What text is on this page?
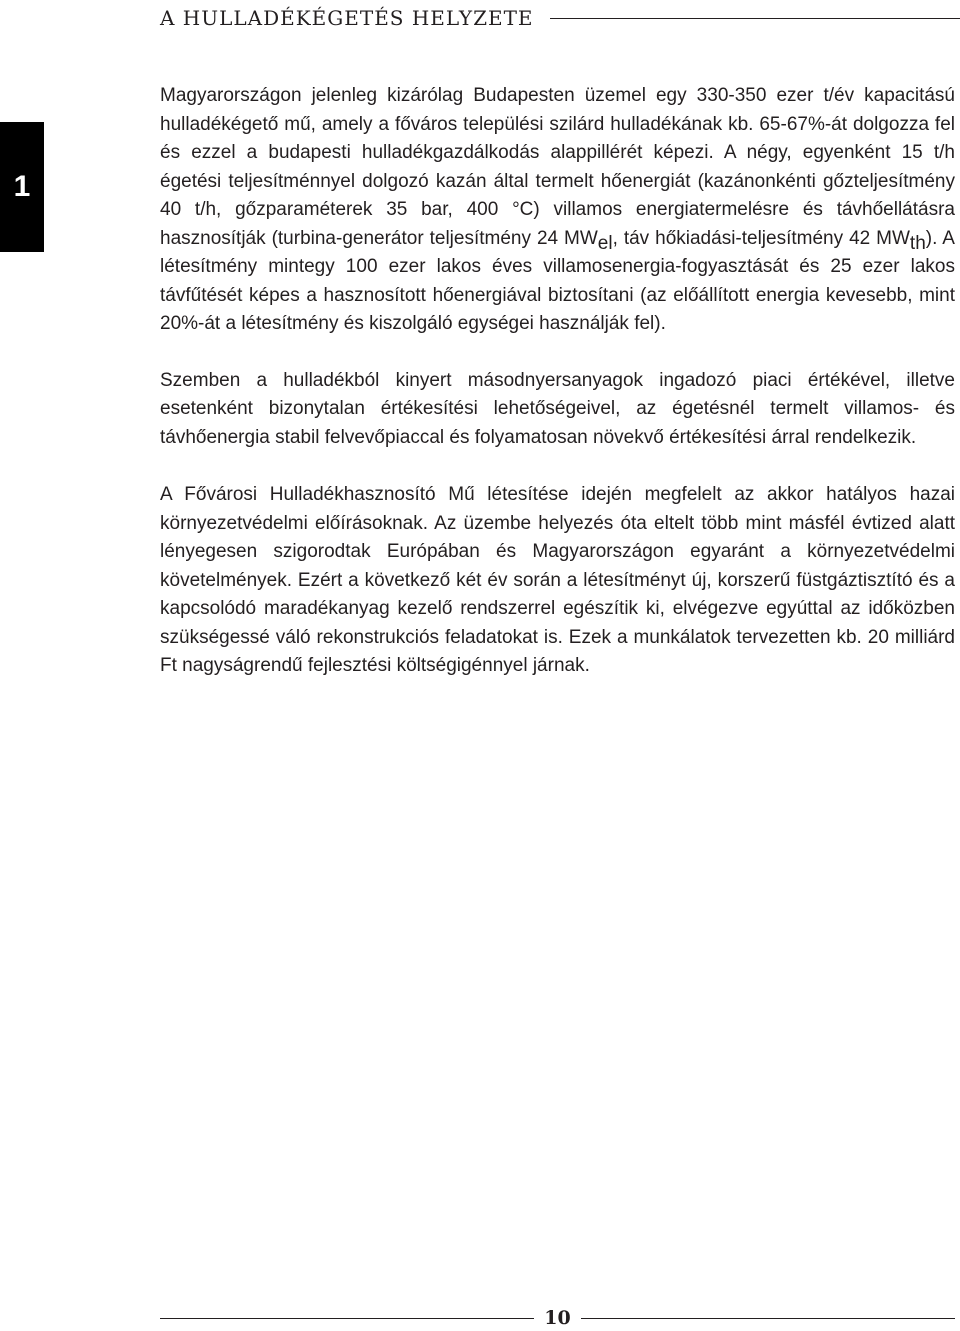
A HULLADÉKÉGETÉS HELYZETE
1

Magyarországon jelenleg kizárólag Budapesten üzemel egy 330-350 ezer t/év kapacitású hulladékégető mű, amely a főváros települési szilárd hulladékának kb. 65-67%-át dolgozza fel és ezzel a budapesti hulladékgazdálkodás alappillérét képezi. A négy, egyenként 15 t/h égetési teljesítménnyel dolgozó kazán által termelt hőenergiát (kazánonkénti gőzteljesítmény 40 t/h, gőzparaméterek 35 bar, 400 °C) villamos energiatermelésre és távhőellátásra hasznosítják (turbina-generátor teljesítmény 24 $MW_{el}$, táv hőkiadási-teljesítmény 42 $MW_{th}$). A létesítmény mintegy 100 ezer lakos éves villamosenergia-fogyasztását és 25 ezer lakos távfűtését képes a hasznosított hőenergiával biztosítani (az előállított energia kevesebb, mint 20%-át a létesítmény és kiszolgáló egységei használják fel).

Szemben a hulladékból kinyert másodnyersanyagok ingadozó piaci értékével, illetve esetenként bizonytalan értékesítési lehetőségeivel, az égetésnél termelt villamos- és távhőenergia stabil felvevőpiaccal és folyamatosan növekvő értékesítési árral rendelkezik.

A Fővárosi Hulladékhasznosító Mű létesítése idején megfelelt az akkor hatályos hazai környezetvédelmi előírásoknak. Az üzembe helyezés óta eltelt több mint másfél évtized alatt lényegesen szigorodtak Európában és Magyarországon egyaránt a környezetvédelmi követelmények. Ezért a következő két év során a létesítményt új, korszerű füstgáztisztító és a kapcsolódó maradékanyag kezelő rendszerrel egészítik ki, elvégezve egyúttal az időközben szükségessé váló rekonstrukciós feladatokat is. Ezek a munkálatok tervezetten kb. 20 milliárd Ft nagyságrendű fejlesztési költségigénnyel járnak.

10
